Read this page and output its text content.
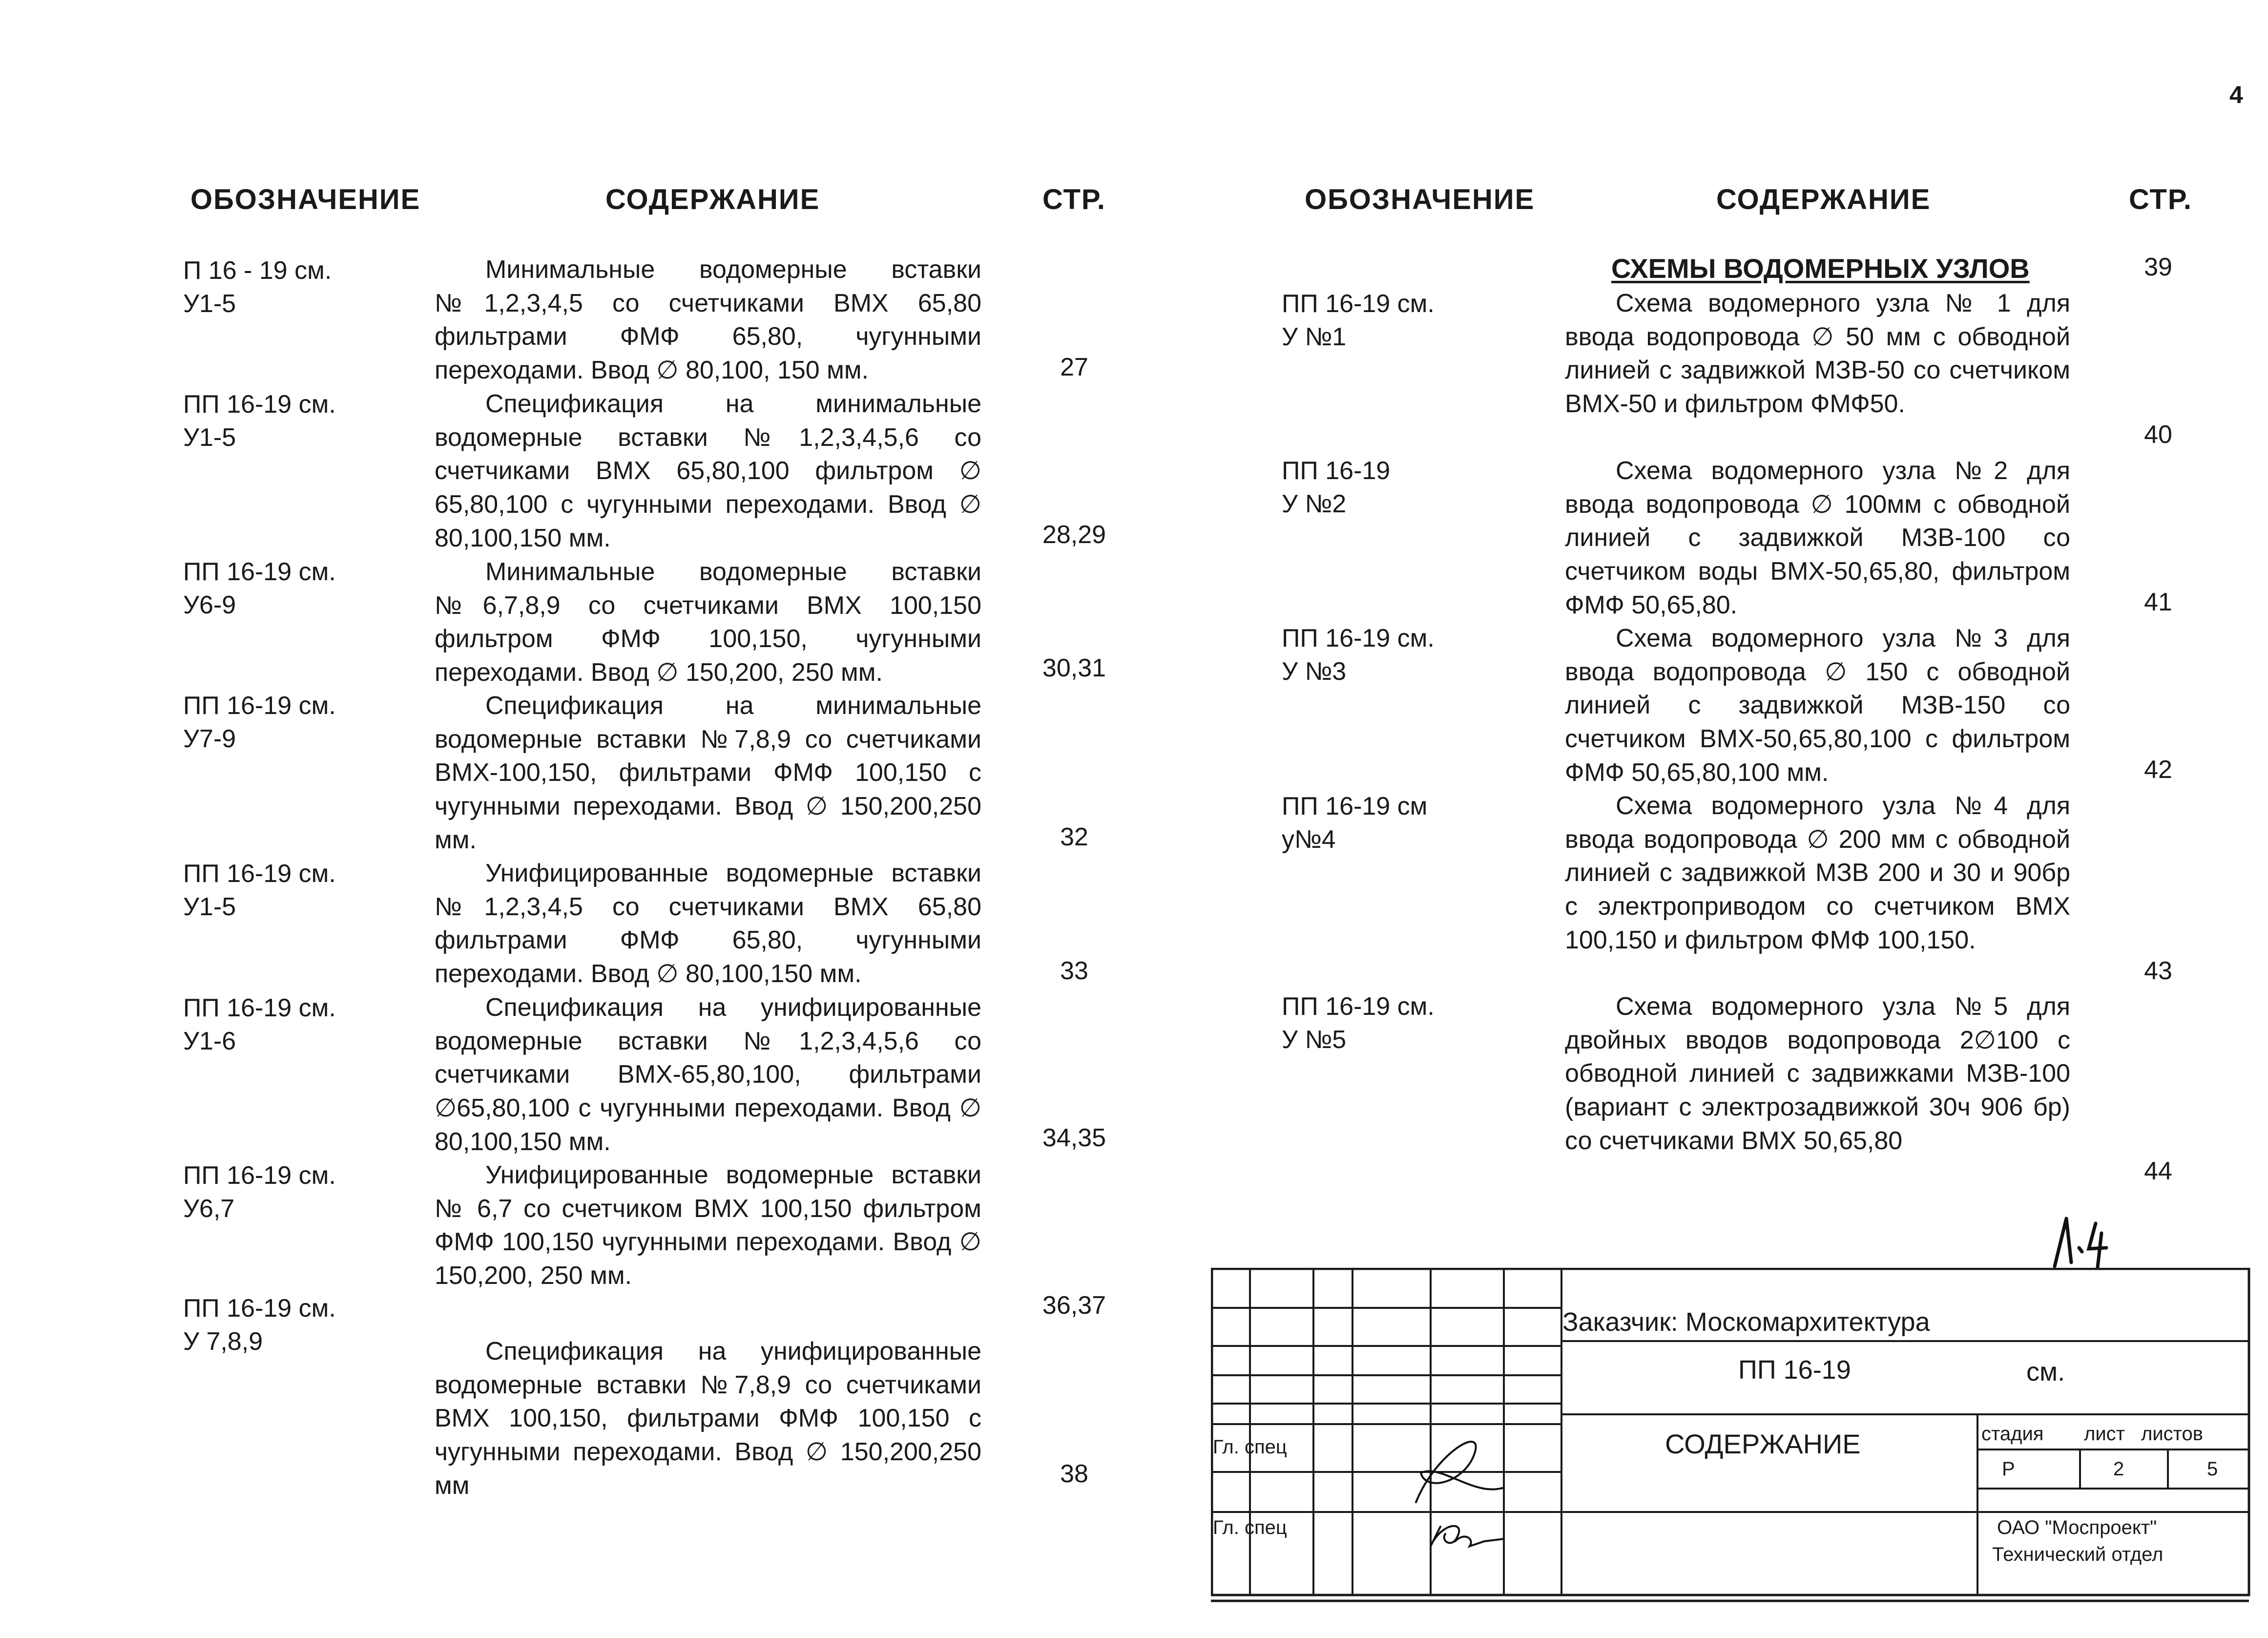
4
ОБОЗНАЧЕНИЕ	СОДЕРЖАНИЕ	СТР.	ОБОЗНАЧЕНИЕ	СОДЕРЖАНИЕ	СТР.
П 16 - 19 см.
У1-5
Минимальные водомерные вставки №1,2,3,4,5 со счетчиками ВМХ 65,80 фильтрами ФМФ 65,80, чугунными переходами. Ввод ∅ 80,100, 150 мм.	27
ПП 16-19 см.
У1-5
Спецификация на минимальные водомерные вставки №1,2,3,4,5,6 со счетчиками ВМХ 65,80,100 фильтром ∅ 65,80,100 с чугунными переходами. Ввод ∅ 80,100,150 мм.	28,29
ПП 16-19 см.
У6-9
Минимальные водомерные вставки №6,7,8,9 со счетчиками ВМХ 100,150 фильтром ФМФ 100,150, чугунными переходами. Ввод ∅ 150,200, 250 мм.	30,31
ПП 16-19 см.
У7-9
Спецификация на минимальные водомерные вставки №7,8,9 со счетчиками ВМХ-100,150, фильтрами ФМФ 100,150 с чугунными переходами. Ввод ∅ 150,200,250 мм.	32
ПП 16-19 см.
У1-5
Унифицированные водомерные вставки №1,2,3,4,5 со счетчиками ВМХ 65,80 фильтрами ФМФ 65,80, чугунными переходами. Ввод ∅ 80,100,150 мм.	33
ПП 16-19 см.
У1-6
Спецификация на унифицированные водомерные вставки №1,2,3,4,5,6 со счетчиками ВМХ-65,80,100, фильтрами ∅65,80,100 с чугунными переходами. Ввод ∅ 80,100,150 мм.	34,35
ПП 16-19 см.
У6,7
Унифицированные водомерные вставки № 6,7 со счетчиком ВМХ 100,150 фильтром ФМФ 100,150 чугунными переходами. Ввод ∅ 150,200, 250 мм.
36,37
ПП 16-19 см.
У 7,8,9	Спецификация на унифицированные водомерные вставки №7,8,9 со счетчиками ВМХ 100,150, фильтрами ФМФ 100,150 с чугунными переходами. Ввод ∅ 150,200,250 мм	38
СХЕМЫ ВОДОМЕРНЫХ УЗЛОВ	39
ПП 16-19 см.
У №1
Схема водомерного узла № 1 для ввода водопровода ∅ 50 мм с обводной линией с задвижкой МЗВ-50 со счетчиком ВМХ-50 и фильтром ФМФ50.
40
ПП 16-19
У №2
Схема водомерного узла №2 для ввода водопровода ∅ 100мм с обводной линией с задвижкой МЗВ-100 со счетчиком воды ВМХ-50,65,80, фильтром ФМФ 50,65,80.	41
ПП 16-19 см.
У №3
Схема водомерного узла №3 для ввода водопровода ∅ 150 с обводной линией с задвижкой МЗВ-150 со счетчиком ВМХ-50,65,80,100 с фильтром ФМФ 50,65,80,100 мм.	42
ПП 16-19 см
у№4
Схема водомерного узла №4 для ввода водопровода ∅ 200 мм с обводной линией с задвижкой МЗВ 200 и 30 и 90бр с электроприводом со счетчиком ВМХ 100,150 и фильтром ФМФ 100,150.
43
ПП 16-19 см.
У №5
Схема водомерного узла №5 для двойных вводов водопровода 2∅100 с обводной линией с задвижками МЗВ-100 (вариант с электрозадвижкой 30ч 906 бр) со счетчиками ВМХ 50,65,80
44
Заказчик: Москомархитектура
ПП 16-19	см.
СОДЕРЖАНИЕ	стадия лист листов
Р	2	5
Гл. спец
Гл. спец	ОАО "Моспроект"
Технический отдел
